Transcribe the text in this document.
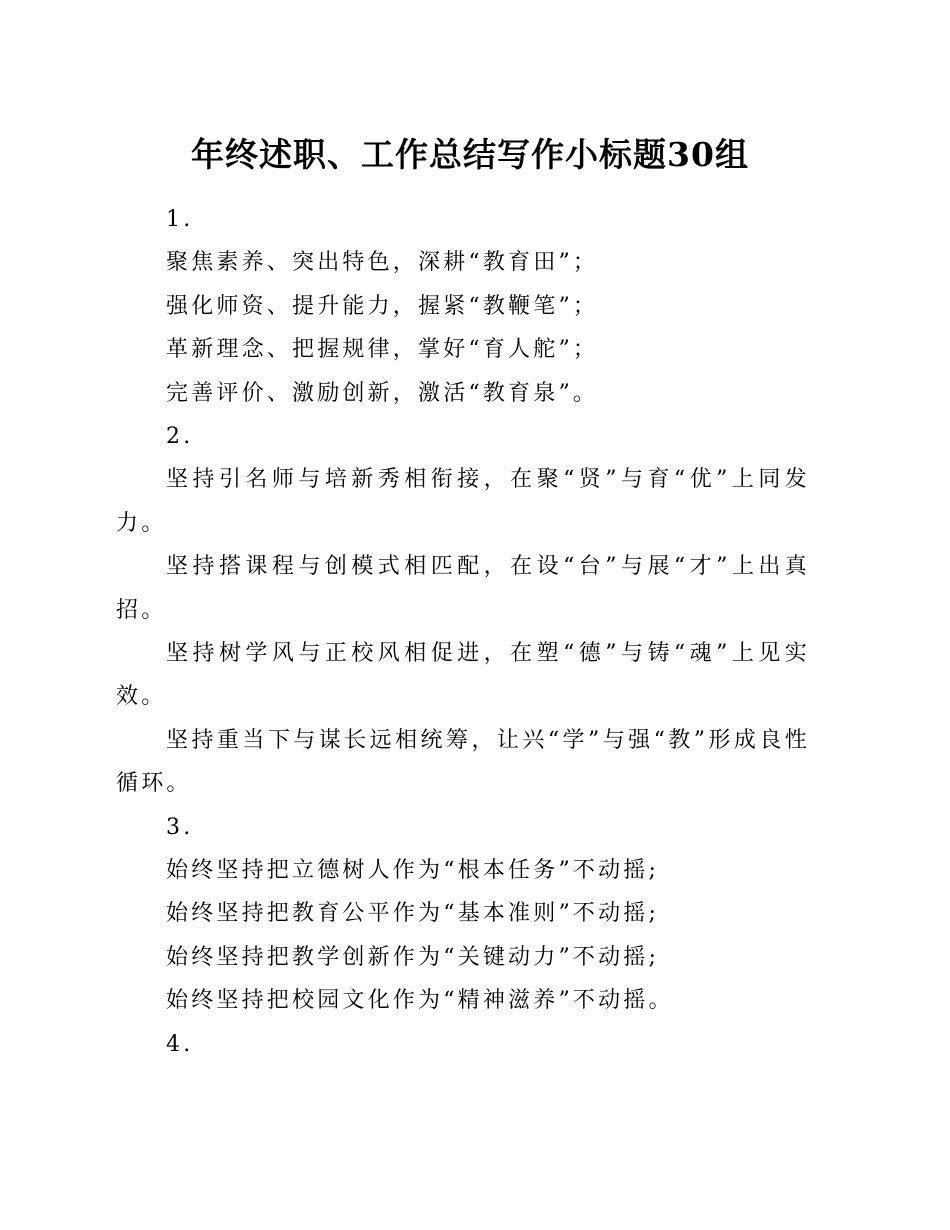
年终述职、工作总结写作小标题30组
1.
聚焦素养、突出特色，深耕“教育田”；
强化师资、提升能力，握紧“教鞭笔”；
革新理念、把握规律，掌好“育人舵”；
完善评价、激励创新，激活“教育泉”。
2.
坚持引名师与培新秀相衔接，在聚“贤”与育“优”上同发力。
坚持搭课程与创模式相匹配，在设“台”与展“才”上出真招。
坚持树学风与正校风相促进，在塑“德”与铸“魂”上见实效。
坚持重当下与谋长远相统筹，让兴“学”与强“教”形成良性循环。
3.
始终坚持把立德树人作为“根本任务”不动摇;
始终坚持把教育公平作为“基本准则”不动摇;
始终坚持把教学创新作为“关键动力”不动摇;
始终坚持把校园文化作为“精神滋养”不动摇。
4.
